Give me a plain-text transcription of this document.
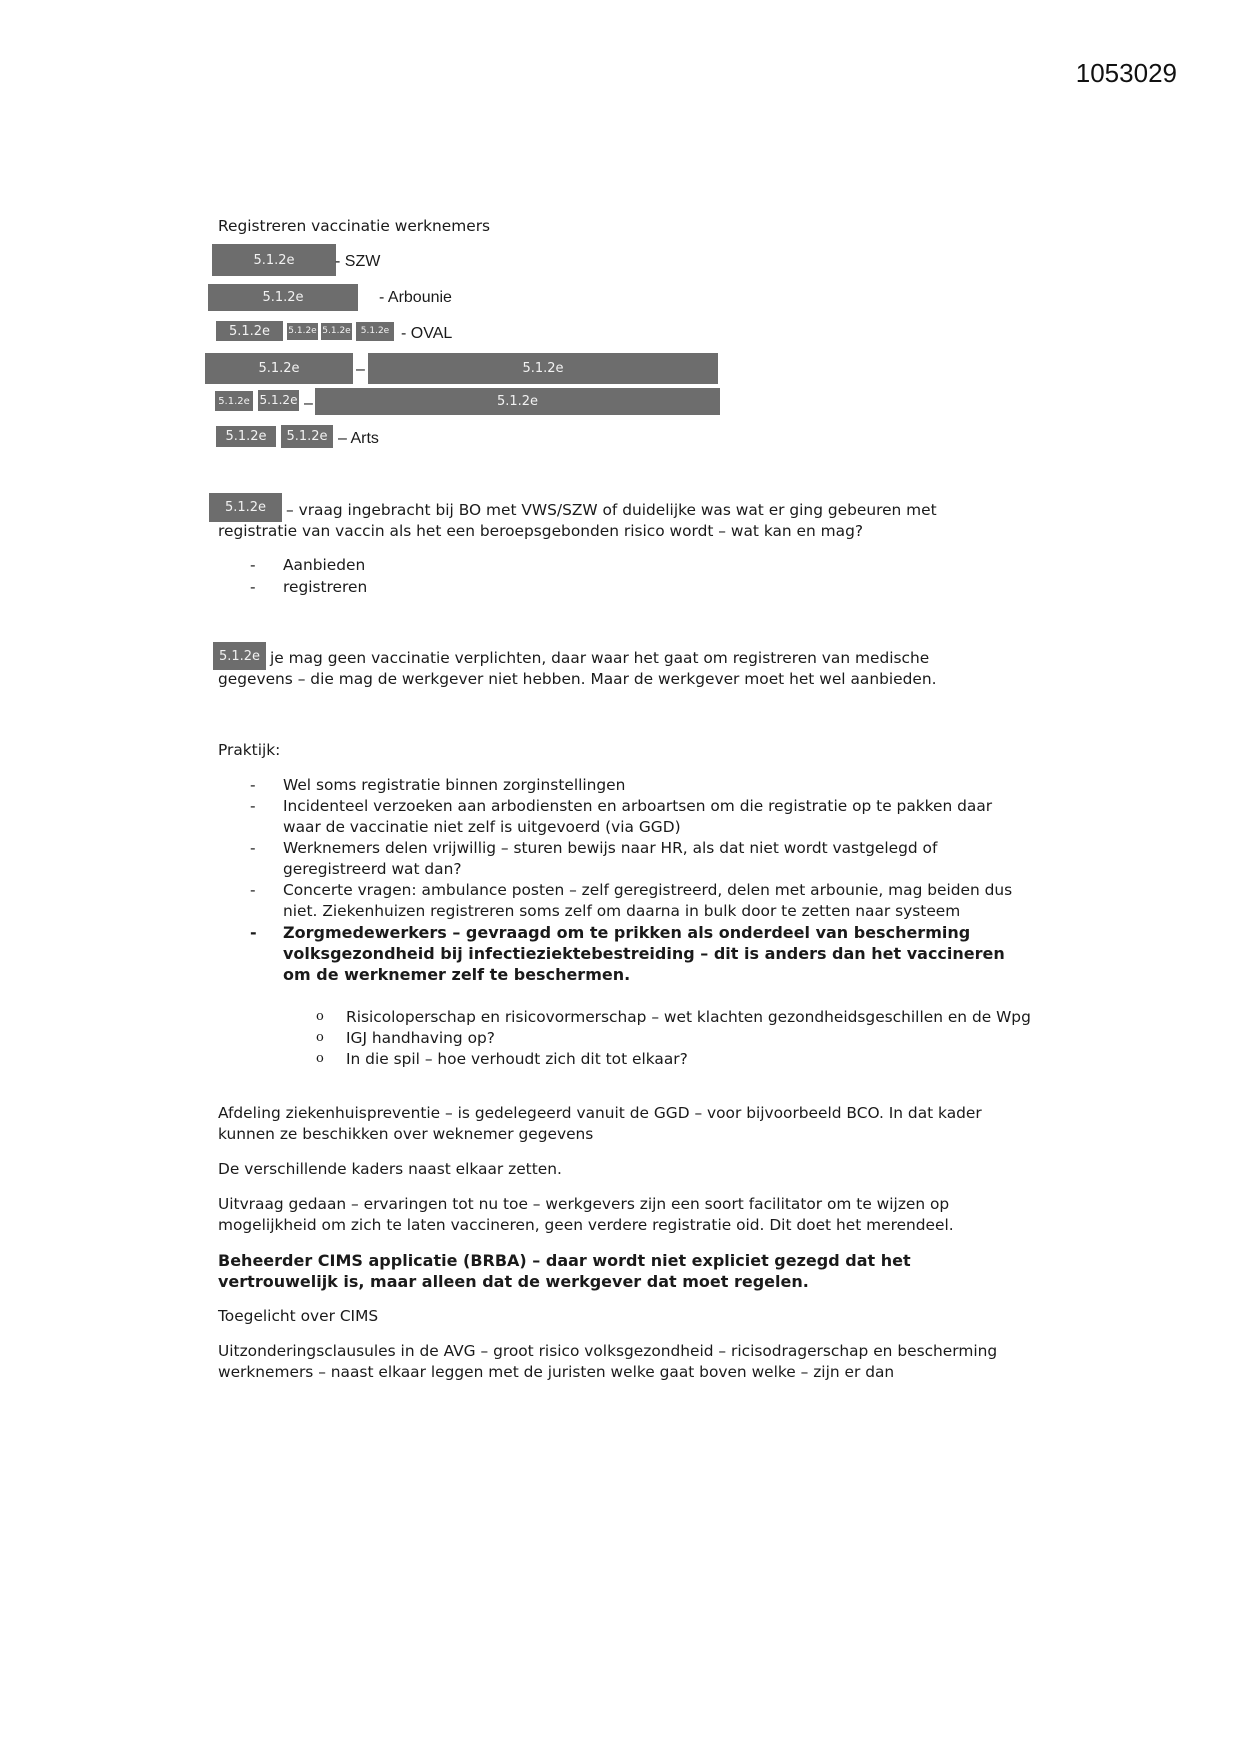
1053029
Registreren vaccinatie werknemers
5.1.2e	- SZW
5.1.2e	- Arbounie
5.1.2e	5.1.2e 5.1.2e	5.1.2e - OVAL
5.1.2e	–	5.1.2e
5.1.2e 5.1.2e –	5.1.2e
5.1.2e	5.1.2e – Arts
5.1.2e	– vraag ingebracht bij BO met VWS/SZW of duidelijke was wat er ging gebeuren met
registratie van vaccin als het een beroepsgebonden risico wordt – wat kan en mag?
- Aanbieden
- registreren
5.1.2e je mag geen vaccinatie verplichten, daar waar het gaat om registreren van medische
gegevens – die mag de werkgever niet hebben. Maar de werkgever moet het wel aanbieden.
Praktijk:
- Wel soms registratie binnen zorginstellingen
- Incidenteel verzoeken aan arbodiensten en arboartsen om die registratie op te pakken daar waar de vaccinatie niet zelf is uitgevoerd (via GGD)
- Werknemers delen vrijwillig – sturen bewijs naar HR, als dat niet wordt vastgelegd of geregistreerd wat dan?
- Concerte vragen: ambulance posten – zelf geregistreerd, delen met arbounie, mag beiden dus niet. Ziekenhuizen registreren soms zelf om daarna in bulk door te zetten naar systeem
- Zorgmedewerkers – gevraagd om te prikken als onderdeel van bescherming volksgezondheid bij infectieziektebestreiding – dit is anders dan het vaccineren om de werknemer zelf te beschermen.
o Risicoloperschap en risicovormerschap – wet klachten gezondheidsgeschillen en de Wpg
o IGJ handhaving op?
o In die spil – hoe verhoudt zich dit tot elkaar?
Afdeling ziekenhuispreventie – is gedelegeerd vanuit de GGD – voor bijvoorbeeld BCO. In dat kader kunnen ze beschikken over weknemer gegevens
De verschillende kaders naast elkaar zetten.
Uitvraag gedaan – ervaringen tot nu toe – werkgevers zijn een soort facilitator om te wijzen op mogelijkheid om zich te laten vaccineren, geen verdere registratie oid. Dit doet het merendeel.
Beheerder CIMS applicatie (BRBA) – daar wordt niet expliciet gezegd dat het vertrouwelijk is, maar alleen dat de werkgever dat moet regelen.
Toegelicht over CIMS
Uitzonderingsclausules in de AVG – groot risico volksgezondheid – ricisodragerschap en bescherming werknemers – naast elkaar leggen met de juristen welke gaat boven welke – zijn er dan
